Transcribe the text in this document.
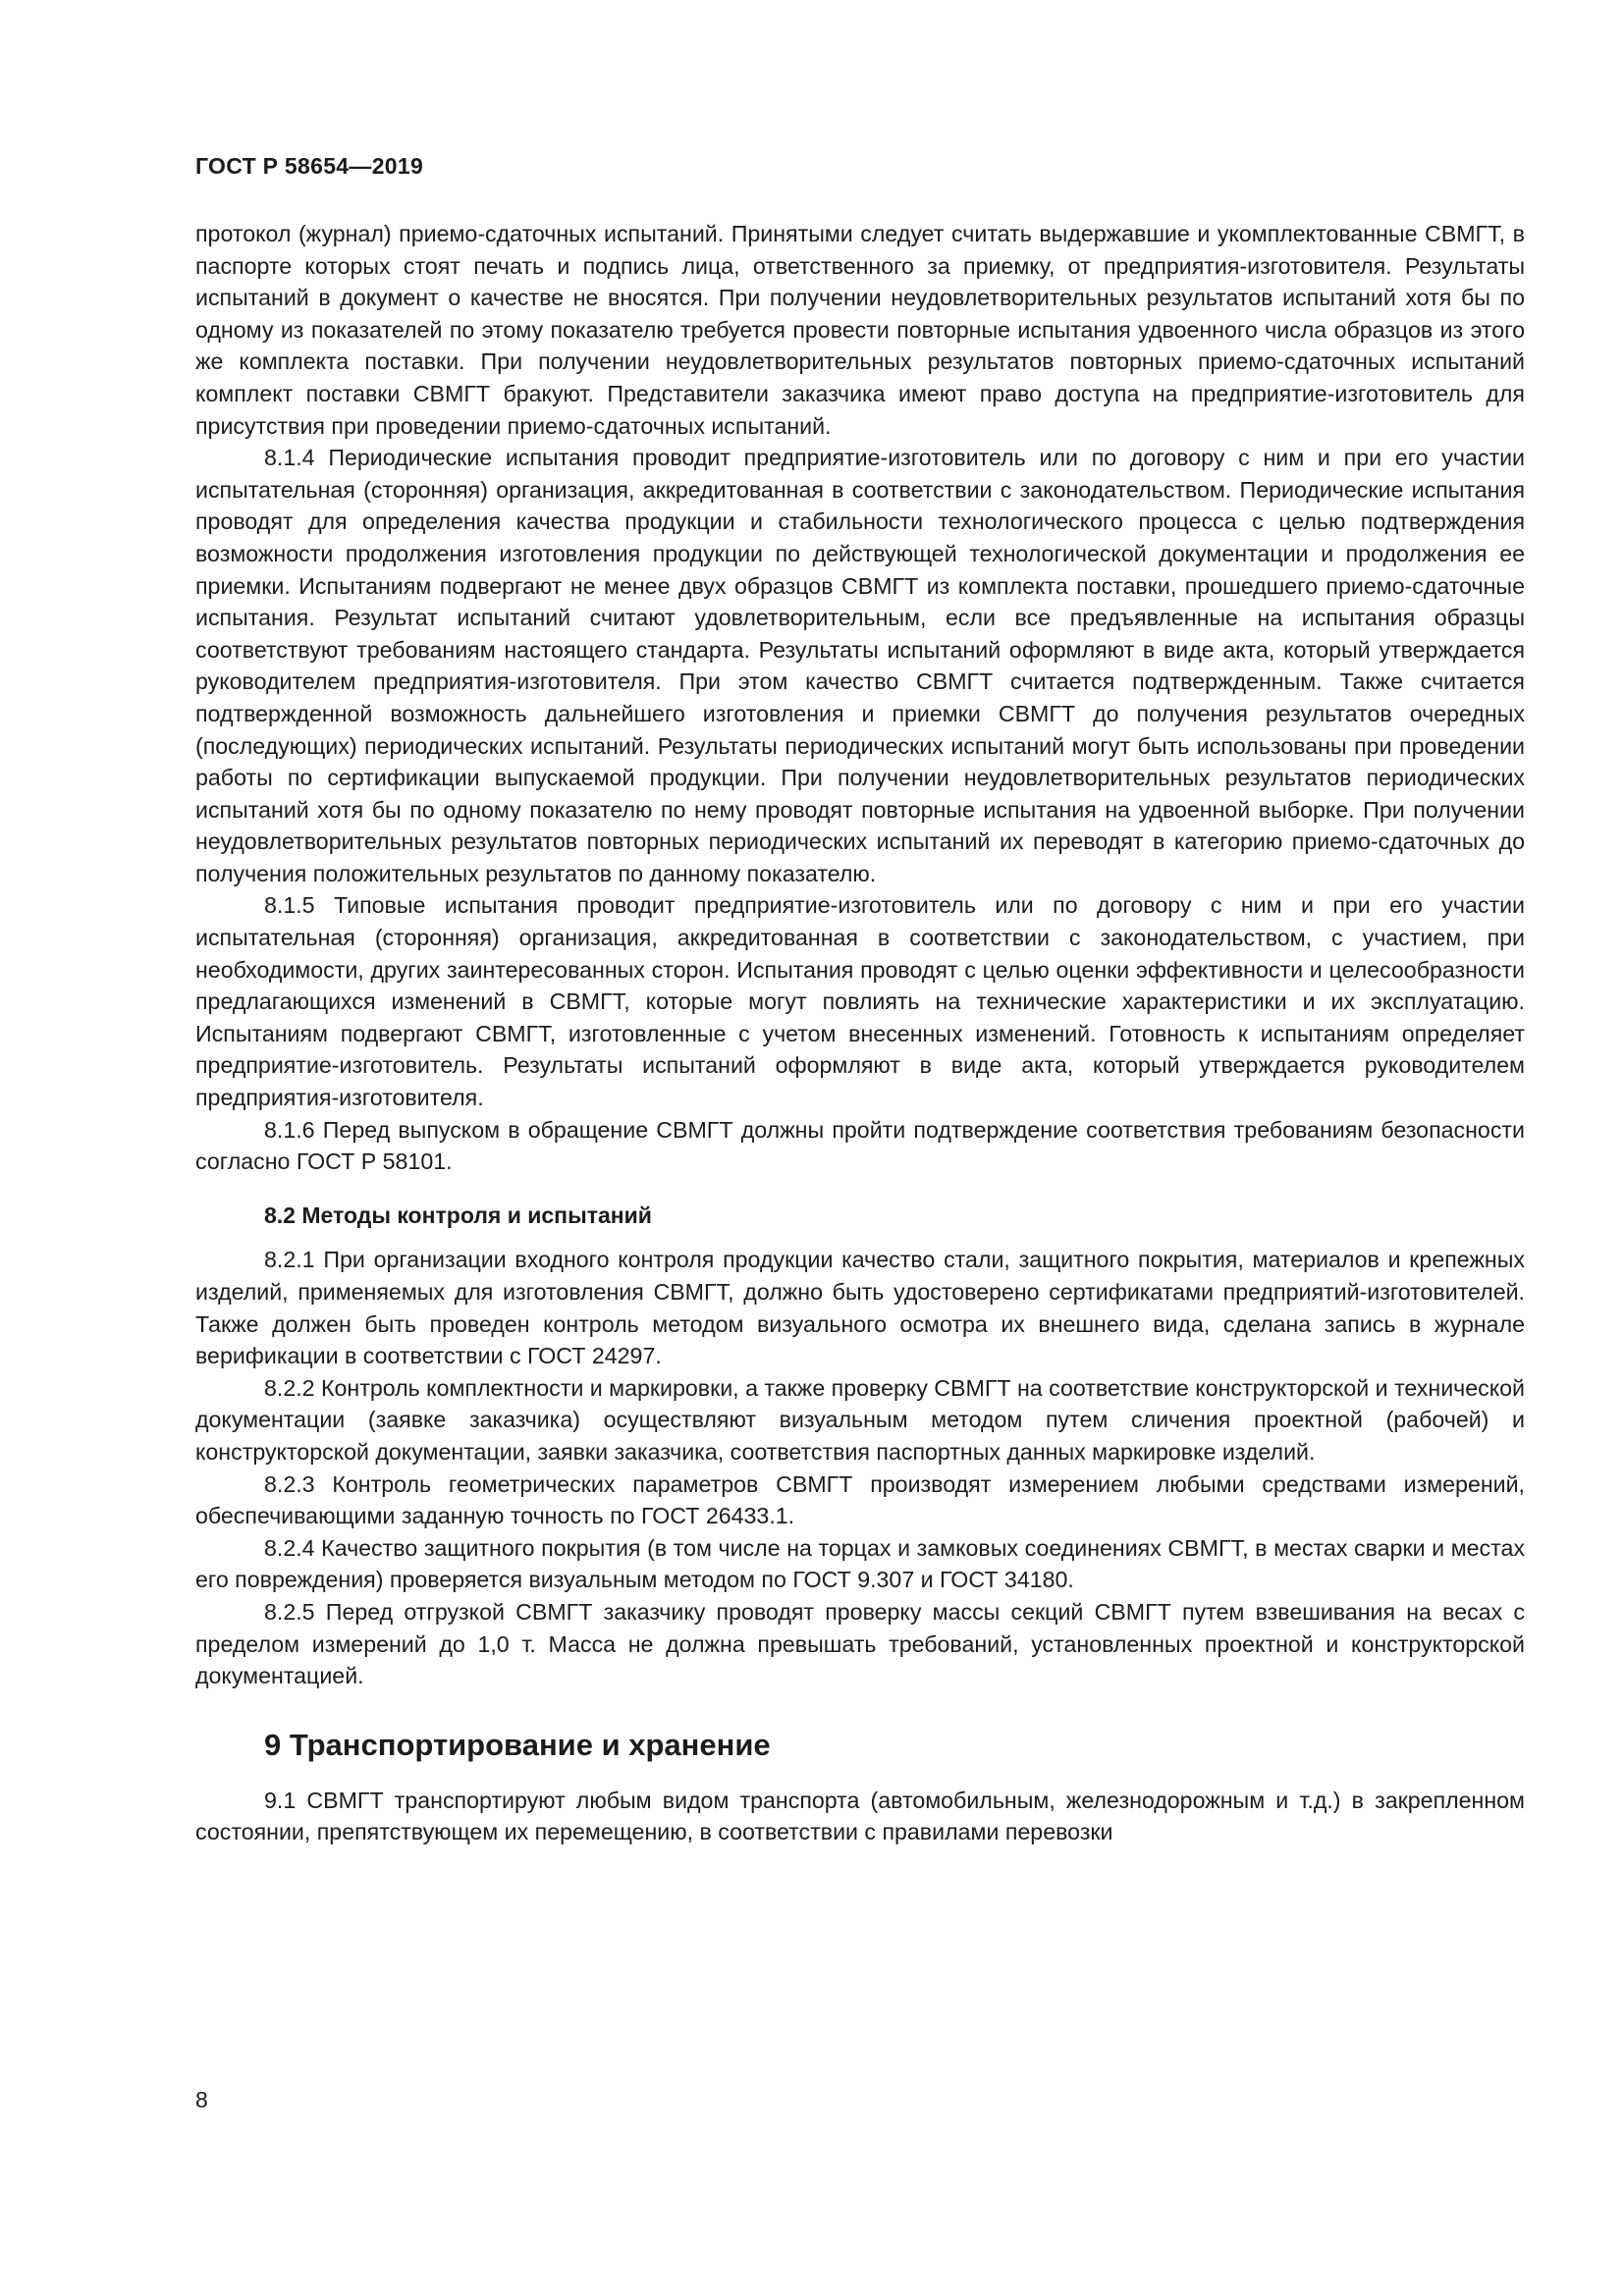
ГОСТ Р 58654—2019

протокол (журнал) приемо-сдаточных испытаний. Принятыми следует считать выдержавшие и укомплектованные СВМГТ, в паспорте которых стоят печать и подпись лица, ответственного за приемку, от предприятия-изготовителя. Результаты испытаний в документ о качестве не вносятся. При получении неудовлетворительных результатов испытаний хотя бы по одному из показателей по этому показателю требуется провести повторные испытания удвоенного числа образцов из этого же комплекта поставки. При получении неудовлетворительных результатов повторных приемо-сдаточных испытаний комплект поставки СВМГТ бракуют. Представители заказчика имеют право доступа на предприятие-изготовитель для присутствия при проведении приемо-сдаточных испытаний.

8.1.4 Периодические испытания проводит предприятие-изготовитель или по договору с ним и при его участии испытательная (сторонняя) организация, аккредитованная в соответствии с законодательством. Периодические испытания проводят для определения качества продукции и стабильности технологического процесса с целью подтверждения возможности продолжения изготовления продукции по действующей технологической документации и продолжения ее приемки. Испытаниям подвергают не менее двух образцов СВМГТ из комплекта поставки, прошедшего приемо-сдаточные испытания. Результат испытаний считают удовлетворительным, если все предъявленные на испытания образцы соответствуют требованиям настоящего стандарта. Результаты испытаний оформляют в виде акта, который утверждается руководителем предприятия-изготовителя. При этом качество СВМГТ считается подтвержденным. Также считается подтвержденной возможность дальнейшего изготовления и приемки СВМГТ до получения результатов очередных (последующих) периодических испытаний. Результаты периодических испытаний могут быть использованы при проведении работы по сертификации выпускаемой продукции. При получении неудовлетворительных результатов периодических испытаний хотя бы по одному показателю по нему проводят повторные испытания на удвоенной выборке. При получении неудовлетворительных результатов повторных периодических испытаний их переводят в категорию приемо-сдаточных до получения положительных результатов по данному показателю.

8.1.5 Типовые испытания проводит предприятие-изготовитель или по договору с ним и при его участии испытательная (сторонняя) организация, аккредитованная в соответствии с законодательством, с участием, при необходимости, других заинтересованных сторон. Испытания проводят с целью оценки эффективности и целесообразности предлагающихся изменений в СВМГТ, которые могут повлиять на технические характеристики и их эксплуатацию. Испытаниям подвергают СВМГТ, изготовленные с учетом внесенных изменений. Готовность к испытаниям определяет предприятие-изготовитель. Результаты испытаний оформляют в виде акта, который утверждается руководителем предприятия-изготовителя.

8.1.6 Перед выпуском в обращение СВМГТ должны пройти подтверждение соответствия требованиям безопасности согласно ГОСТ Р 58101.

8.2 Методы контроля и испытаний

8.2.1 При организации входного контроля продукции качество стали, защитного покрытия, материалов и крепежных изделий, применяемых для изготовления СВМГТ, должно быть удостоверено сертификатами предприятий-изготовителей. Также должен быть проведен контроль методом визуального осмотра их внешнего вида, сделана запись в журнале верификации в соответствии с ГОСТ 24297.

8.2.2 Контроль комплектности и маркировки, а также проверку СВМГТ на соответствие конструкторской и технической документации (заявке заказчика) осуществляют визуальным методом путем сличения проектной (рабочей) и конструкторской документации, заявки заказчика, соответствия паспортных данных маркировке изделий.

8.2.3 Контроль геометрических параметров СВМГТ производят измерением любыми средствами измерений, обеспечивающими заданную точность по ГОСТ 26433.1.

8.2.4 Качество защитного покрытия (в том числе на торцах и замковых соединениях СВМГТ, в местах сварки и местах его повреждения) проверяется визуальным методом по ГОСТ 9.307 и ГОСТ 34180.

8.2.5 Перед отгрузкой СВМГТ заказчику проводят проверку массы секций СВМГТ путем взвешивания на весах с пределом измерений до 1,0 т. Масса не должна превышать требований, установленных проектной и конструкторской документацией.

9 Транспортирование и хранение

9.1 СВМГТ транспортируют любым видом транспорта (автомобильным, железнодорожным и т.д.) в закрепленном состоянии, препятствующем их перемещению, в соответствии с правилами перевозки

8
